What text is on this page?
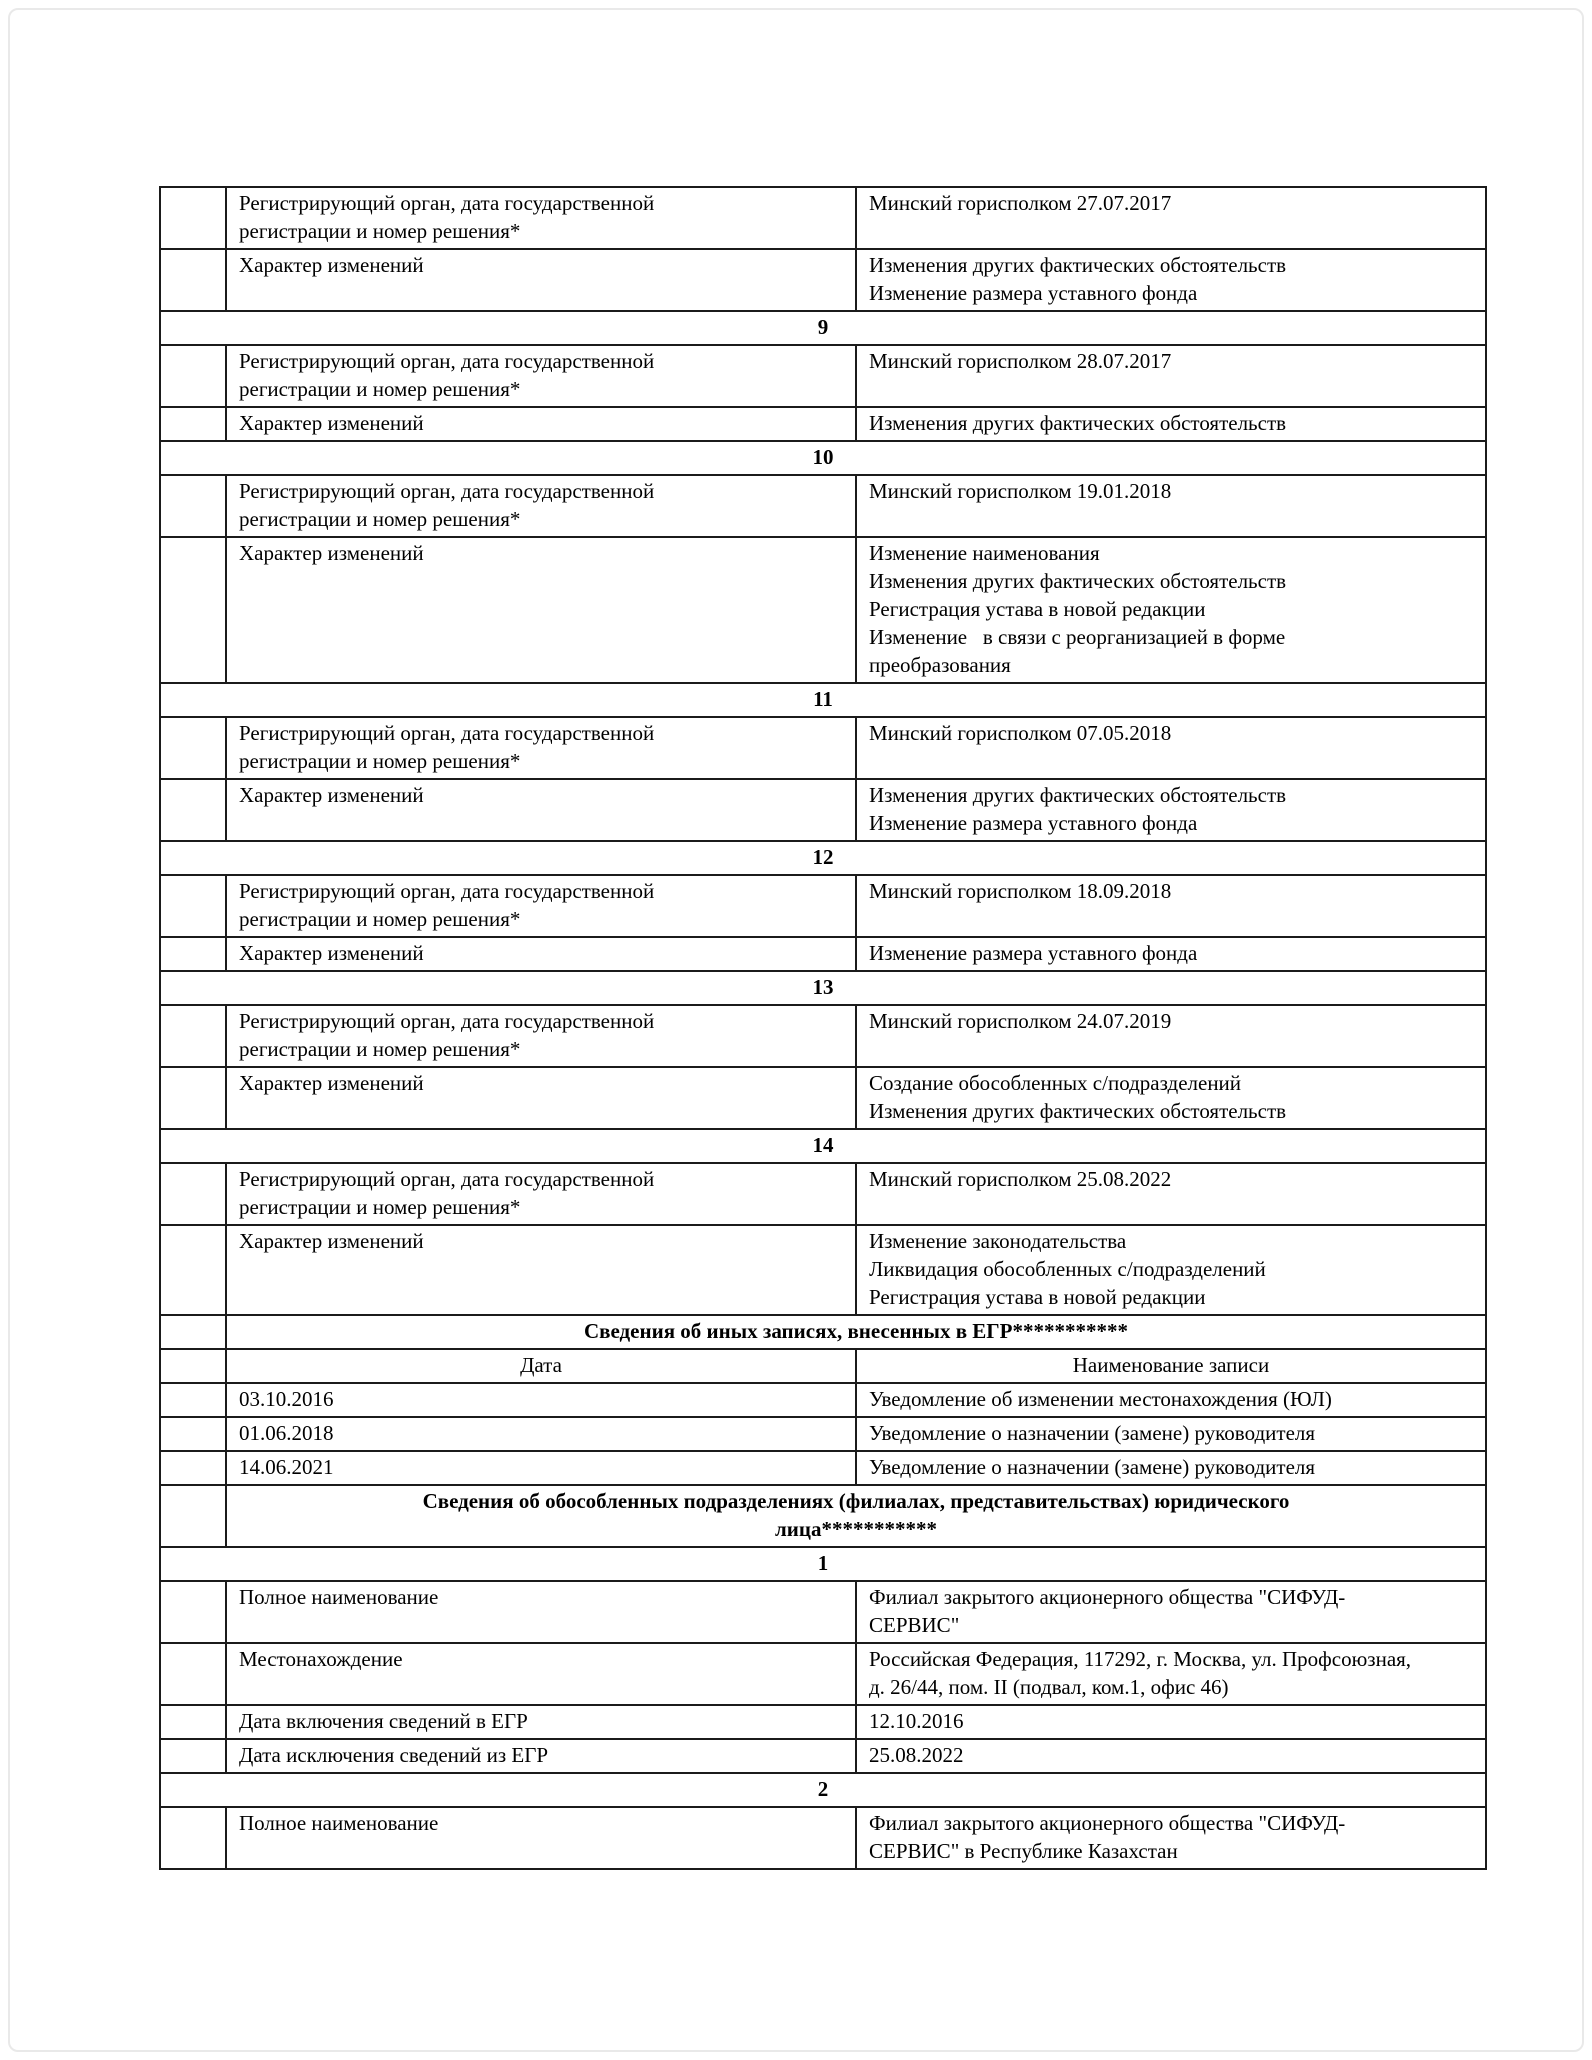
	Регистрирующий орган, дата государственной регистрации и номер решения*	Минский горисполком 27.07.2017

	Характер изменений	Изменения других фактических обстоятельств
Изменение размера уставного фонда

9		

	Регистрирующий орган, дата государственной регистрации и номер решения*	Минский горисполком 28.07.2017

	Характер изменений	Изменения других фактических обстоятельств

10		

	Регистрирующий орган, дата государственной регистрации и номер решения*	Минский горисполком 19.01.2018

	Характер изменений	Изменение наименования
Изменения других фактических обстоятельств
Регистрация устава в новой редакции
Изменение   в связи с реорганизацией в форме преобразования

11		

	Регистрирующий орган, дата государственной регистрации и номер решения*	Минский горисполком 07.05.2018

	Характер изменений	Изменения других фактических обстоятельств
Изменение размера уставного фонда

12		

	Регистрирующий орган, дата государственной регистрации и номер решения*	Минский горисполком 18.09.2018

	Характер изменений	Изменение размера уставного фонда

13		

	Регистрирующий орган, дата государственной регистрации и номер решения*	Минский горисполком 24.07.2019

	Характер изменений	Создание обособленных с/подразделений
Изменения других фактических обстоятельств

14		

	Регистрирующий орган, дата государственной регистрации и номер решения*	Минский горисполком 25.08.2022

	Характер изменений	Изменение законодательства
Ликвидация обособленных с/подразделений
Регистрация устава в новой редакции

	Сведения об иных записях, внесенных в ЕГР***********	

	Дата	Наименование записи

	03.10.2016	Уведомление об изменении местонахождения (ЮЛ)

	01.06.2018	Уведомление о назначении (замене) руководителя

	14.06.2021	Уведомление о назначении (замене) руководителя

	Сведения об обособленных подразделениях (филиалах, представительствах) юридического лица***********	

1		

	Полное наименование	Филиал закрытого акционерного общества "СИФУД-СЕРВИС"

	Местонахождение	Российская Федерация, 117292, г. Москва, ул. Профсоюзная, д. 26/44, пом. II (подвал, ком.1, офис 46)

	Дата включения сведений в ЕГР	12.10.2016

	Дата исключения сведений из ЕГР	25.08.2022

2		

	Полное наименование	Филиал закрытого акционерного общества "СИФУД-СЕРВИС" в Республике Казахстан
